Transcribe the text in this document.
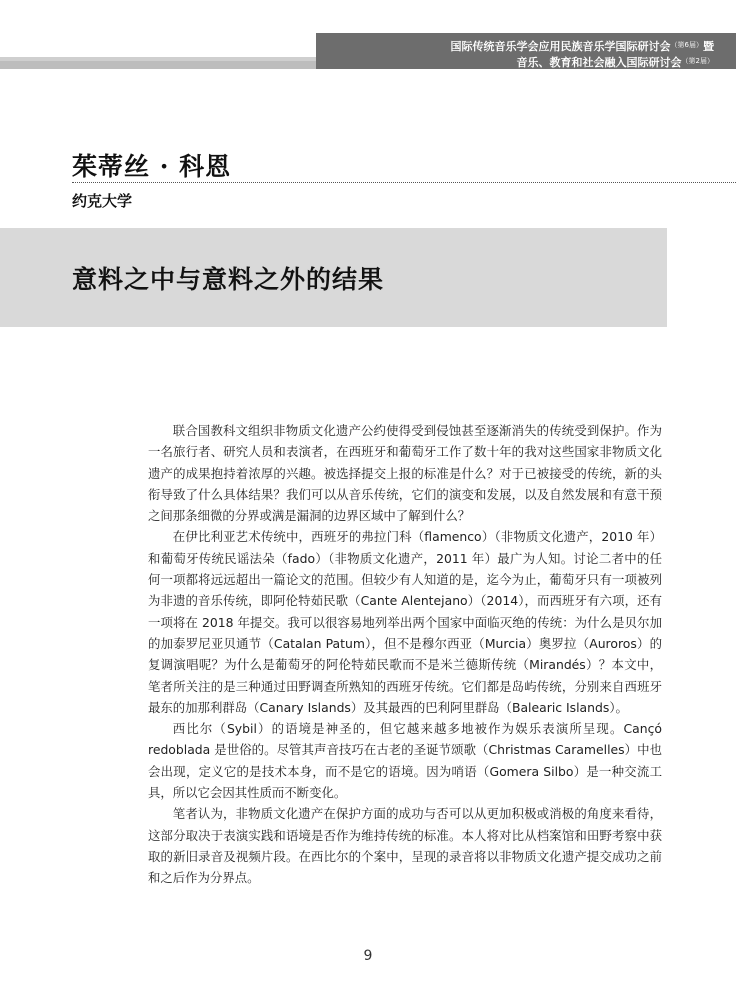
国际传统音乐学会应用民族音乐学国际研讨会$^{(第6届)}$暨
音乐、教育和社会融入国际研讨会$^{(第2届)}$
茱蒂丝 · 科恩
约克大学
意料之中与意料之外的结果

联合国教科文组织非物质文化遗产公约使得受到侵蚀甚至逐渐消失的传统受到保护。作为一名旅行者、研究人员和表演者，在西班牙和葡萄牙工作了数十年的我对这些国家非物质文化遗产的成果抱持着浓厚的兴趣。被选择提交上报的标准是什么？对于已被接受的传统，新的头衔导致了什么具体结果？我们可以从音乐传统，它们的演变和发展，以及自然发展和有意干预之间那条细微的分界或满是漏洞的边界区域中了解到什么？

在伊比利亚艺术传统中，西班牙的弗拉门科（flamenco）（非物质文化遗产，2010 年）和葡萄牙传统民谣法朵（fado）（非物质文化遗产，2011 年）最广为人知。讨论二者中的任何一项都将远远超出一篇论文的范围。但较少有人知道的是，迄今为止，葡萄牙只有一项被列为非遗的音乐传统，即阿伦特茹民歌（Cante Alentejano）（2014），而西班牙有六项，还有一项将在 2018 年提交。我可以很容易地列举出两个国家中面临灭绝的传统：为什么是贝尔加的加泰罗尼亚贝通节（Catalan Patum），但不是穆尔西亚（Murcia）奥罗拉（Auroros）的复调演唱呢？为什么是葡萄牙的阿伦特茹民歌而不是米兰德斯传统（Mirandés）？本文中，笔者所关注的是三种通过田野调查所熟知的西班牙传统。它们都是岛屿传统，分别来自西班牙最东的加那利群岛（Canary Islands）及其最西的巴利阿里群岛（Balearic Islands）。

西比尔（Sybil）的语境是神圣的，但它越来越多地被作为娱乐表演所呈现。Cançó redoblada 是世俗的。尽管其声音技巧在古老的圣诞节颂歌（Christmas Caramelles）中也会出现，定义它的是技术本身，而不是它的语境。因为哨语（Gomera Silbo）是一种交流工具，所以它会因其性质而不断变化。

笔者认为，非物质文化遗产在保护方面的成功与否可以从更加积极或消极的角度来看待，这部分取决于表演实践和语境是否作为维持传统的标准。本人将对比从档案馆和田野考察中获取的新旧录音及视频片段。在西比尔的个案中，呈现的录音将以非物质文化遗产提交成功之前和之后作为分界点。

9
